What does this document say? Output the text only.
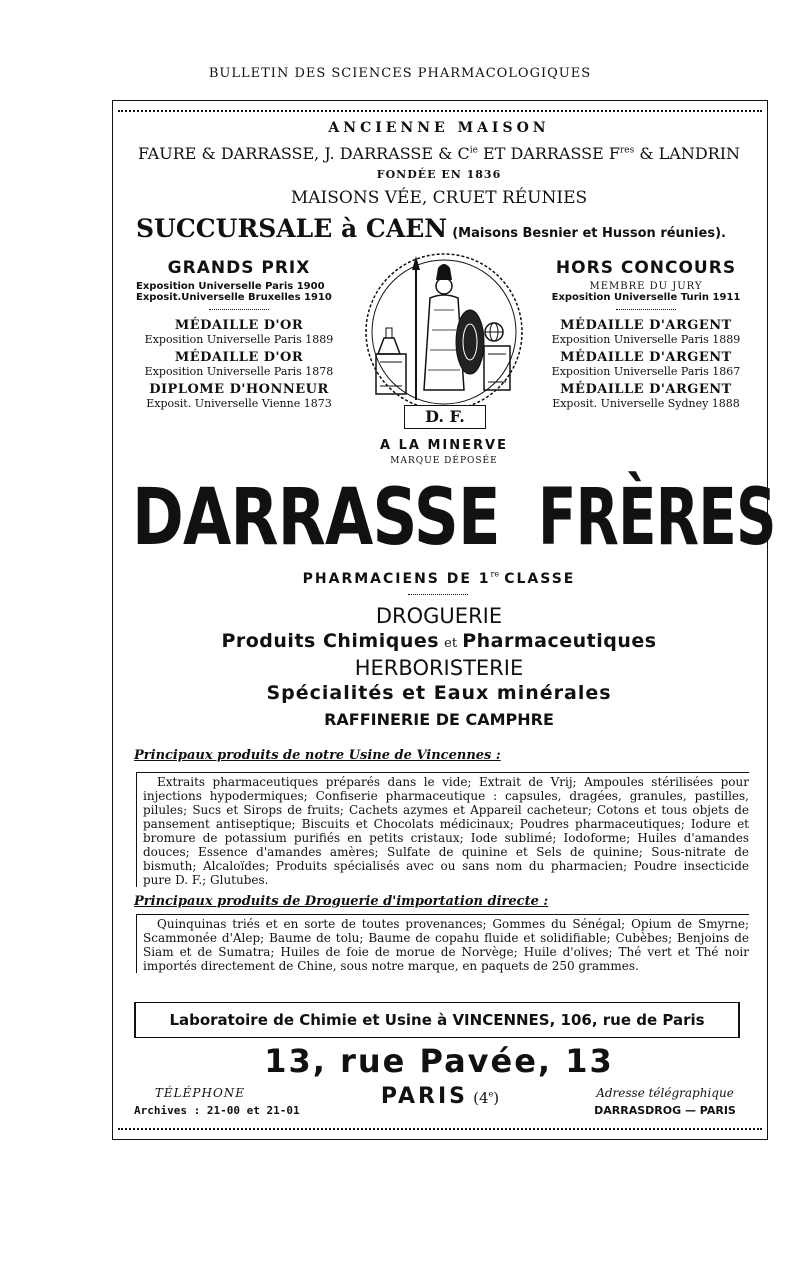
BULLETIN DES SCIENCES PHARMACOLOGIQUES
ANCIENNE MAISON
FAURE & DARRASSE, J. DARRASSE & $C^{ie}$ ET DARRASSE $F^{res}$ & LANDRIN
FONDÉE EN 1836
MAISONS VÉE, CRUET RÉUNIES
SUCCURSALE à CAEN (Maisons Besnier et Husson réunies).
GRANDS PRIX
Exposition Universelle Paris 1900
Exposit.Universelle Bruxelles 1910
MÉDAILLE D'OR
Exposition Universelle Paris 1889
MÉDAILLE D'OR
Exposition Universelle Paris 1878
DIPLOME D'HONNEUR
Exposit. Universelle Vienne 1873
HORS CONCOURS
MEMBRE DU JURY
Exposition Universelle Turin 1911
MÉDAILLE D'ARGENT
Exposition Universelle Paris 1889
MÉDAILLE D'ARGENT
Exposition Universelle Paris 1867
MÉDAILLE D'ARGENT
Exposit. Universelle Sydney 1888
D. F.
A LA MINERVE
MARQUE DÉPOSÉE
DARRASSE FRÈRES
PHARMACIENS DE 1re CLASSE
DROGUERIE
Produits Chimiques et Pharmaceutiques
HERBORISTERIE
Spécialités et Eaux minérales
RAFFINERIE DE CAMPHRE
Principaux produits de notre Usine de Vincennes :
Extraits pharmaceutiques préparés dans le vide; Extrait de Vrij; Ampoules stérilisées pour injections hypodermiques; Confiserie pharmaceutique : capsules, dragées, granules, pastilles, pilules; Sucs et Sirops de fruits; Cachets azymes et Appareil cacheteur; Cotons et tous objets de pansement antiseptique; Biscuits et Chocolats médicinaux; Poudres pharmaceutiques; Iodure et bromure de potassium purifiés en petits cristaux; Iode sublimé; Iodoforme; Huiles d'amandes douces; Essence d'amandes amères; Sulfate de quinine et Sels de quinine; Sous-nitrate de bismuth; Alcaloïdes; Produits spécialisés avec ou sans nom du pharmacien; Poudre insecticide pure D. F.; Glutubes.
Principaux produits de Droguerie d'importation directe :
Quinquinas triés et en sorte de toutes provenances; Gommes du Sénégal; Opium de Smyrne; Scammonée d'Alep; Baume de tolu; Baume de copahu fluide et solidifiable; Cubèbes; Benjoins de Siam et de Sumatra; Huiles de foie de morue de Norvège; Huile d'olives; Thé vert et Thé noir importés directement de Chine, sous notre marque, en paquets de 250 grammes.
Laboratoire de Chimie et Usine à VINCENNES, 106, rue de Paris
13, rue Pavée, 13
TÉLÉPHONE
Archives : 21-00 et 21-01
PARIS (4e)	Adresse télégraphique
DARRASDROG — PARIS
